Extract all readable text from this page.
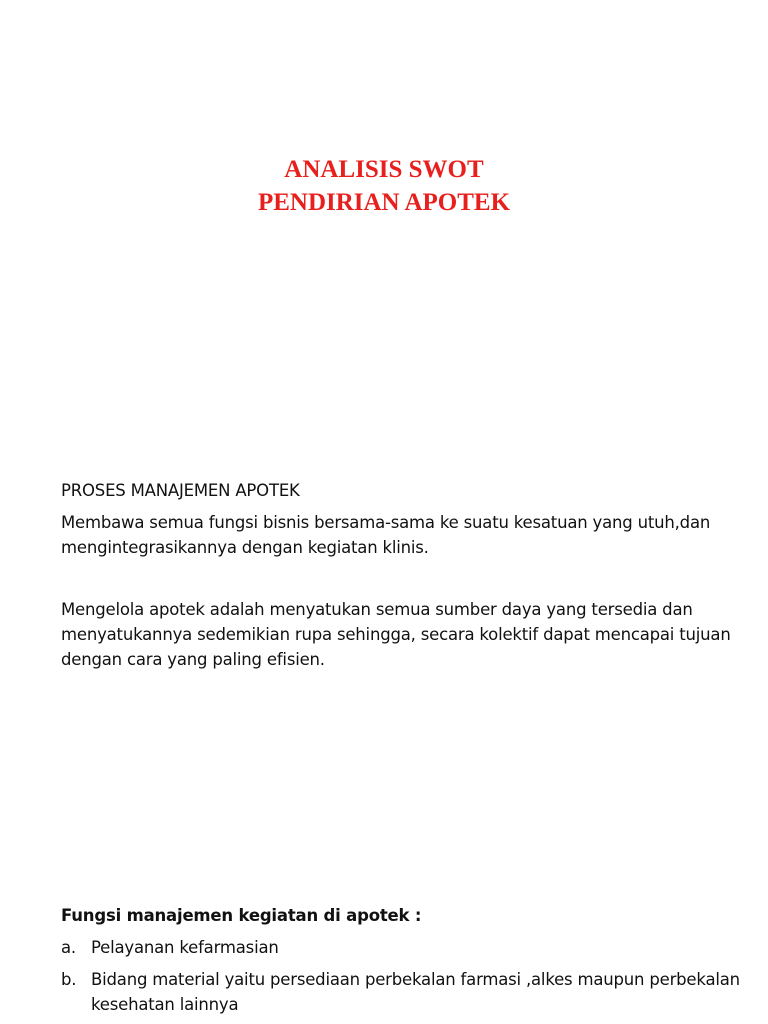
ANALISIS SWOT
PENDIRIAN APOTEK
PROSES MANAJEMEN APOTEK
Membawa semua fungsi bisnis bersama-sama ke suatu kesatuan yang utuh,dan mengintegrasikannya dengan kegiatan klinis.
Mengelola apotek adalah menyatukan semua sumber daya yang tersedia dan menyatukannya sedemikian rupa sehingga, secara kolektif dapat mencapai tujuan dengan cara yang paling efisien.
Fungsi manajemen kegiatan di apotek :
a. Pelayanan kefarmasian
b. Bidang material yaitu persediaan perbekalan farmasi ,alkes maupun perbekalan kesehatan lainnya
